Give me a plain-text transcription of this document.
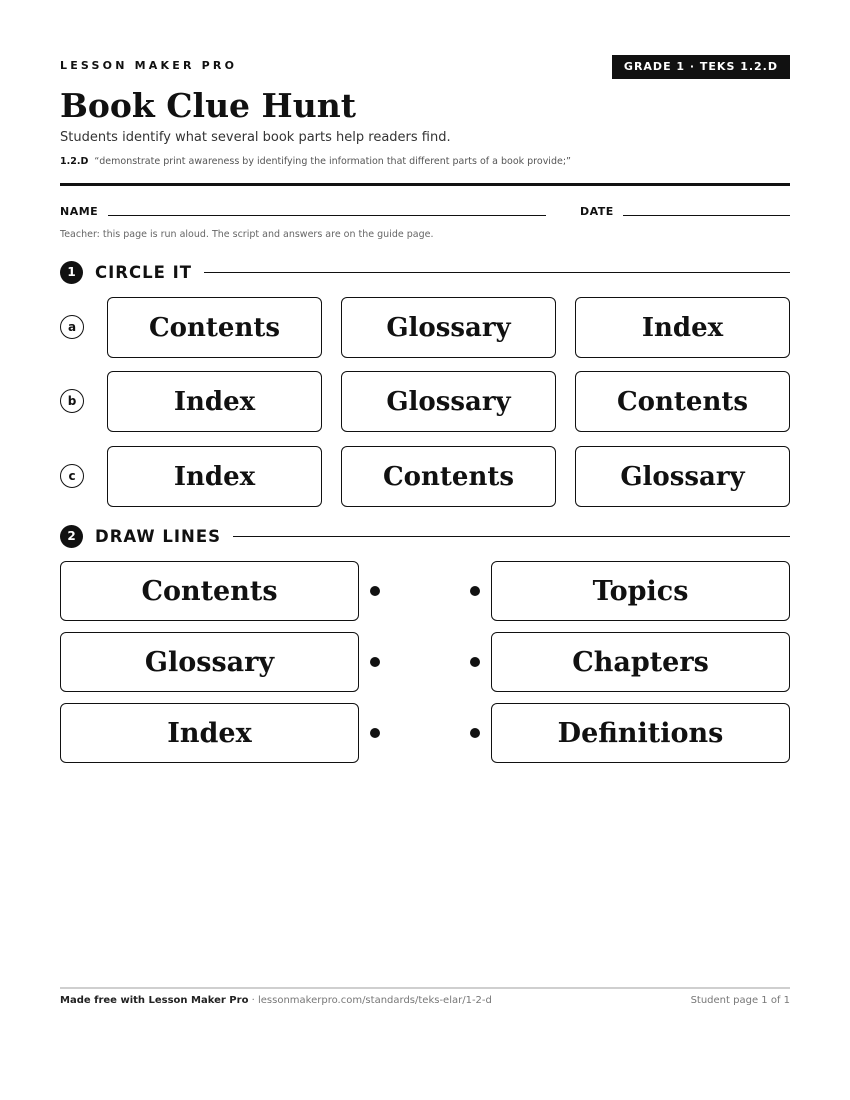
LESSON MAKER PRO	GRADE 1 · TEKS 1.2.D
Book Clue Hunt
Students identify what several book parts help readers find.
1.2.D “demonstrate print awareness by identifying the information that different parts of a book provide;”
NAME	DATE
Teacher: this page is run aloud. The script and answers are on the guide page.
1	CIRCLE IT
a	Contents	Glossary	Index
b	Index	Glossary	Contents
c	Index	Contents	Glossary
2	DRAW LINES
Contents	Topics
Glossary	Chapters
Index	Definitions
Made free with Lesson Maker Pro · lessonmakerpro.com/standards/teks-elar/1-2-d	Student page 1 of 1
